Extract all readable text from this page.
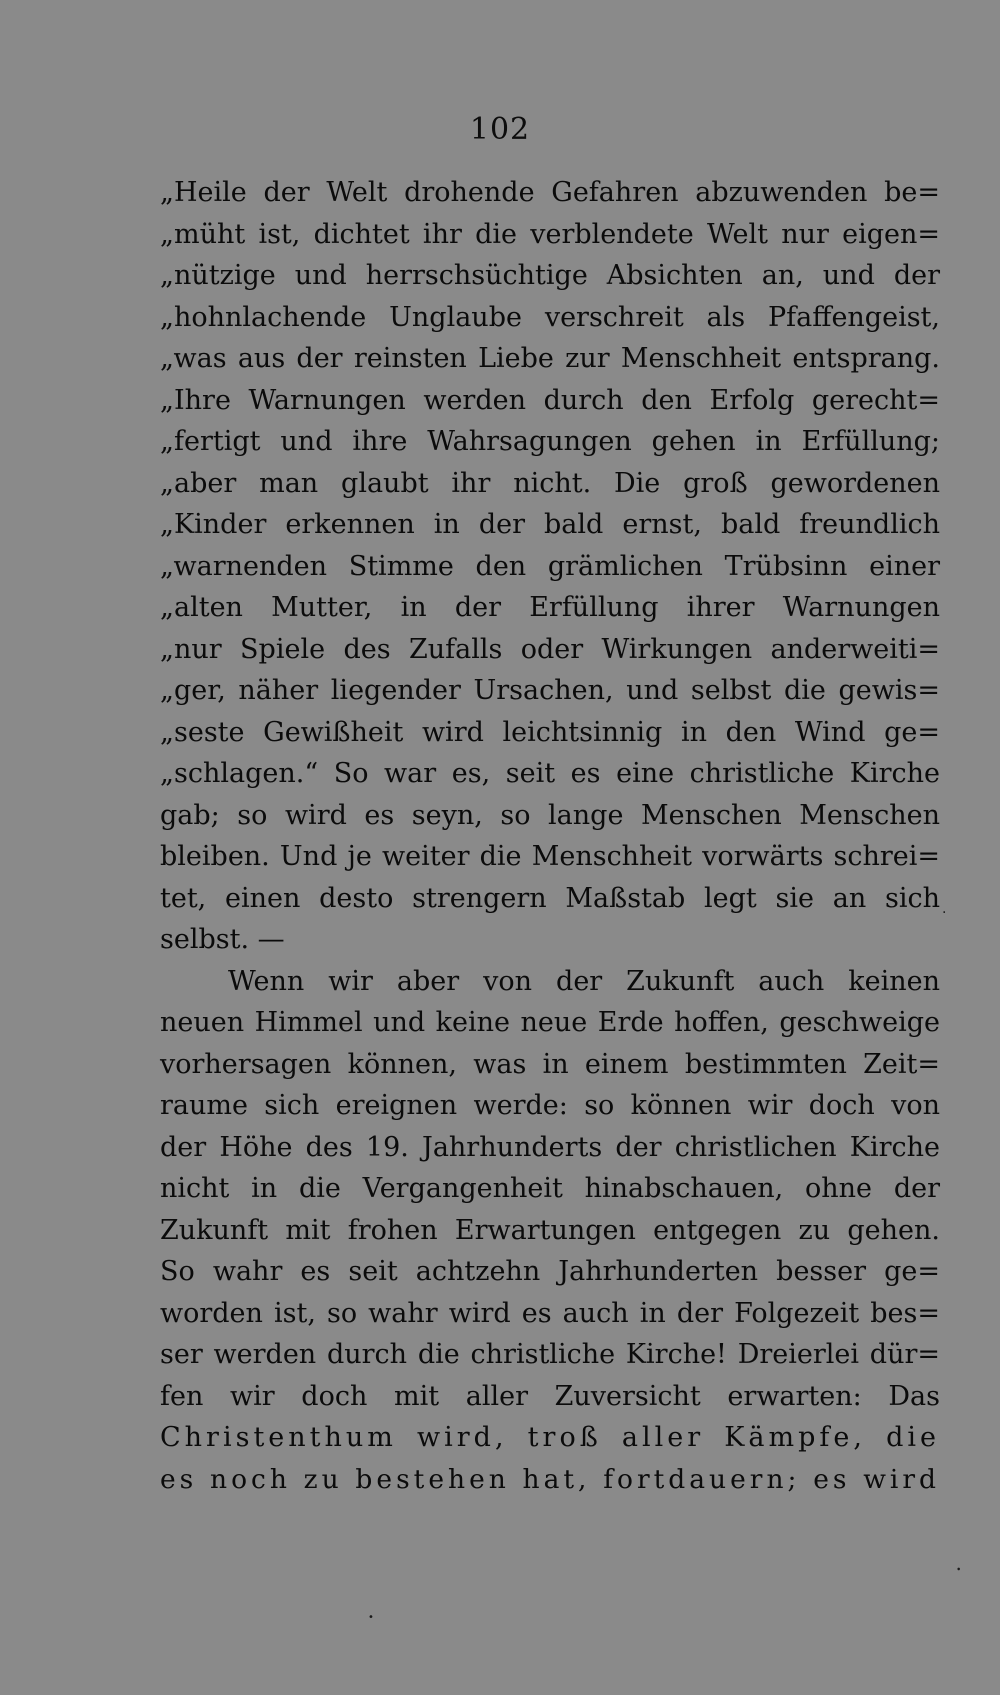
102
„Heile der Welt drohende Gefahren abzuwenden be=
„müht ist, dichtet ihr die verblendete Welt nur eigen=
„nützige und herrschsüchtige Absichten an, und der
„hohnlachende Unglaube verschreit als Pfaffengeist,
„was aus der reinsten Liebe zur Menschheit entsprang.
„Ihre Warnungen werden durch den Erfolg gerecht=
„fertigt und ihre Wahrsagungen gehen in Erfüllung;
„aber man glaubt ihr nicht. Die groß gewordenen
„Kinder erkennen in der bald ernst, bald freundlich
„warnenden Stimme den grämlichen Trübsinn einer
„alten Mutter, in der Erfüllung ihrer Warnungen
„nur Spiele des Zufalls oder Wirkungen anderweiti=
„ger, näher liegender Ursachen, und selbst die gewis=
„seste Gewißheit wird leichtsinnig in den Wind ge=
„schlagen.“ So war es, seit es eine christliche Kirche
gab; so wird es seyn, so lange Menschen Menschen
bleiben. Und je weiter die Menschheit vorwärts schrei=
tet, einen desto strengern Maßstab legt sie an sich
selbst. —
Wenn wir aber von der Zukunft auch keinen
neuen Himmel und keine neue Erde hoffen, geschweige
vorhersagen können, was in einem bestimmten Zeit=
raume sich ereignen werde: so können wir doch von
der Höhe des 19. Jahrhunderts der christlichen Kirche
nicht in die Vergangenheit hinabschauen, ohne der
Zukunft mit frohen Erwartungen entgegen zu gehen.
So wahr es seit achtzehn Jahrhunderten besser ge=
worden ist, so wahr wird es auch in der Folgezeit bes=
ser werden durch die christliche Kirche! Dreierlei dür=
fen wir doch mit aller Zuversicht erwarten: Das
Christenthum wird, troß aller Kämpfe, die
es noch zu bestehen hat, fortdauern; es wird
·
⸱
•
